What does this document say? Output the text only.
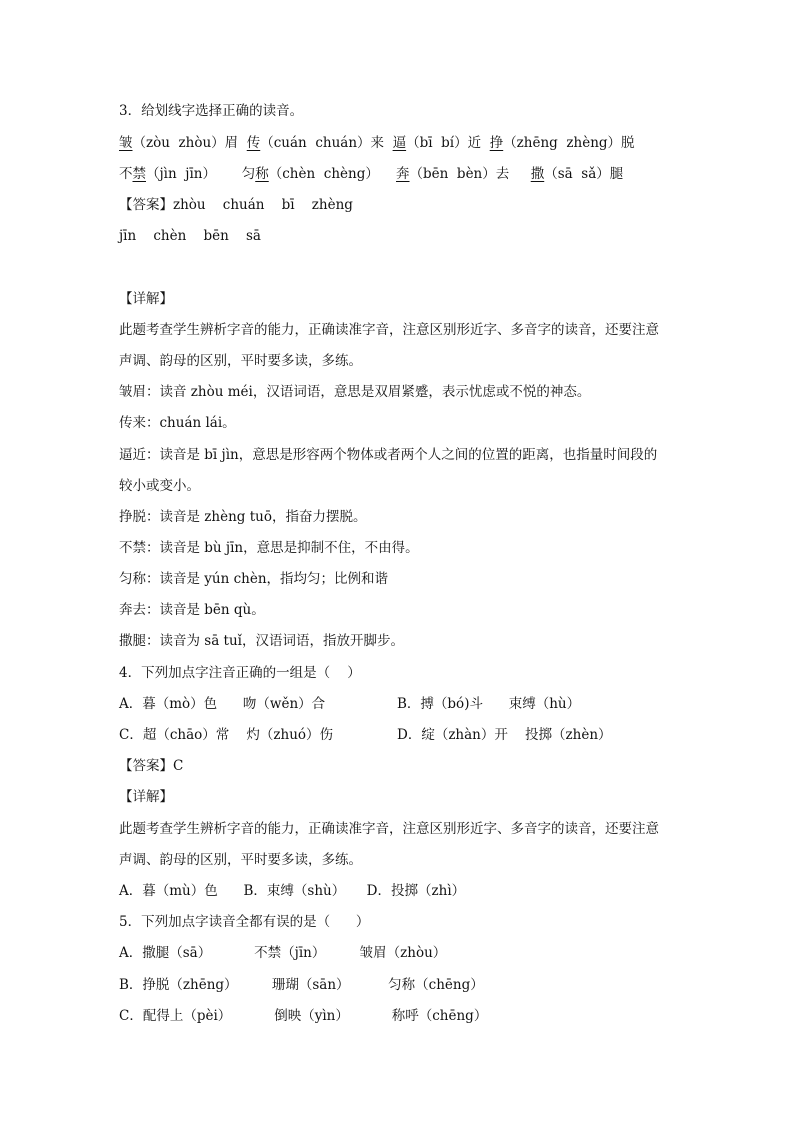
3．给划线字选择正确的读音。
皱（zòu  zhòu）眉  传（cuán  chuán）来  逼（bī  bí）近  挣（zhēng  zhèng）脱
不禁（jìn  jīn）      匀称（chèn  chèng）    奔（bēn  bèn）去     撒（sā  sǎ）腿
【答案】zhòu    chuán    bī    zhèng
jīn    chèn    bēn    sā
【详解】
此题考查学生辨析字音的能力，正确读准字音，注意区别形近字、多音字的读音，还要注意
声调、韵母的区别，平时要多读，多练。
皱眉：读音 zhòu méi，汉语词语，意思是双眉紧蹙，表示忧虑或不悦的神态。
传来：chuán lái。
逼近：读音是 bī jìn，意思是形容两个物体或者两个人之间的位置的距离，也指量时间段的
较小或变小。
挣脱：读音是 zhèng tuō，指奋力摆脱。
不禁：读音是 bù jīn，意思是抑制不住，不由得。
匀称：读音是 yún chèn，指均匀；比例和谐
奔去：读音是 bēn qù。
撒腿：读音为 sā tuǐ，汉语词语，指放开脚步。
4．下列加点字注音正确的一组是（    ）
A．暮（mò）色      吻（wěn）合	B．搏（bó)斗      束缚（hù）
C．超（chāo）常    灼（zhuó）伤	D．绽（zhàn）开    投掷（zhèn）
【答案】C
【详解】
此题考查学生辨析字音的能力，正确读准字音，注意区别形近字、多音字的读音，还要注意
声调、韵母的区别，平时要多读，多练。
A．暮（mù）色      B．束缚（shù）     D．投掷（zhì）
5．下列加点字读音全都有误的是（      ）
A．撒腿（sā）          不禁（jīn）        皱眉（zhòu）
B．挣脱（zhēng）        珊瑚（sān）         匀称（chēng）
C．配得上（pèi）          倒映（yìn）          称呼（chēng）
